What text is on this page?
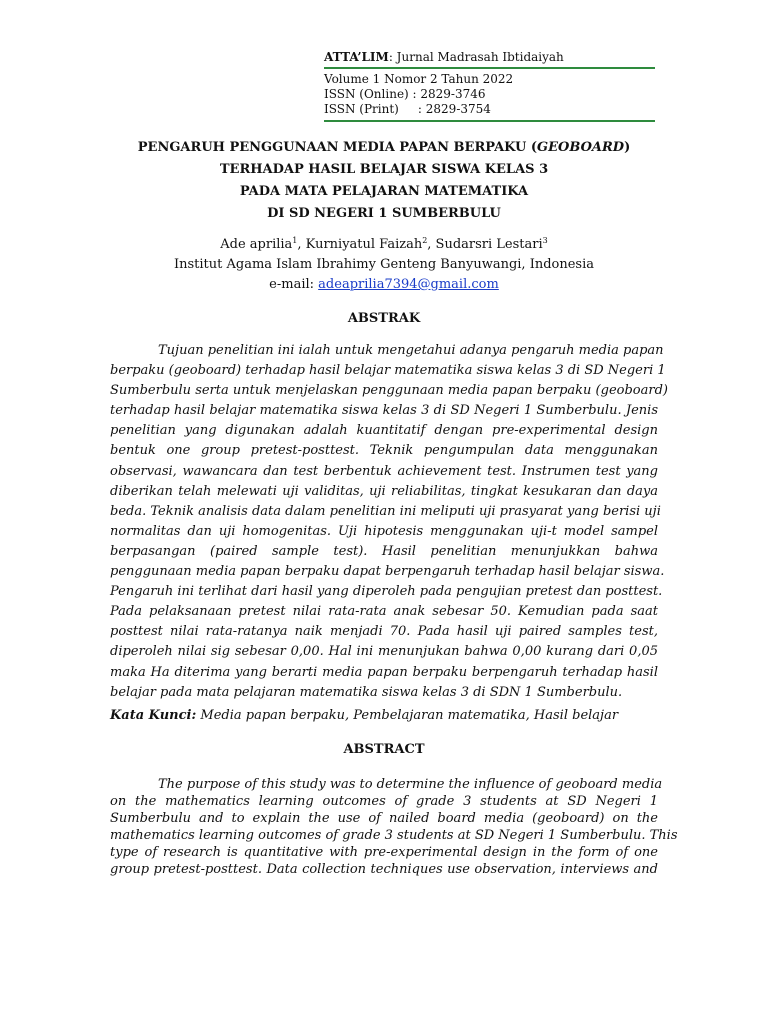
ATTA’LIM: Jurnal Madrasah Ibtidaiyah
Volume 1 Nomor 2 Tahun 2022
ISSN (Online) : 2829-3746
ISSN (Print)     : 2829-3754
PENGARUH PENGGUNAAN MEDIA PAPAN BERPAKU (GEOBOARD)
TERHADAP HASIL BELAJAR SISWA KELAS 3
PADA MATA PELAJARAN MATEMATIKA
DI SD NEGERI 1 SUMBERBULU
Ade aprilia$^1$, Kurniyatul Faizah$^2$, Sudarsri Lestari$^3$
Institut Agama Islam Ibrahimy Genteng Banyuwangi, Indonesia
e-mail: adeaprilia7394@gmail.com
ABSTRAK
Tujuan penelitian ini ialah untuk mengetahui adanya pengaruh media papan
berpaku (geoboard) terhadap hasil belajar matematika siswa kelas 3 di SD Negeri 1
Sumberbulu serta untuk menjelaskan penggunaan media papan berpaku (geoboard)
terhadap hasil belajar matematika siswa kelas 3 di SD Negeri 1 Sumberbulu. Jenis
penelitian yang digunakan adalah kuantitatif dengan pre-experimental design
bentuk one group pretest-posttest. Teknik pengumpulan data menggunakan
observasi, wawancara dan test berbentuk achievement test. Instrumen test yang
diberikan telah melewati uji validitas, uji reliabilitas, tingkat kesukaran dan daya
beda. Teknik analisis data dalam penelitian ini meliputi uji prasyarat yang berisi uji
normalitas dan uji homogenitas. Uji hipotesis menggunakan uji-t model sampel
berpasangan (paired sample test). Hasil penelitian menunjukkan bahwa
penggunaan media papan berpaku dapat berpengaruh terhadap hasil belajar siswa.
Pengaruh ini terlihat dari hasil yang diperoleh pada pengujian pretest dan posttest.
Pada pelaksanaan pretest nilai rata-rata anak sebesar 50. Kemudian pada saat
posttest nilai rata-ratanya naik menjadi 70. Pada hasil uji paired samples test,
diperoleh nilai sig sebesar 0,00. Hal ini menunjukan bahwa 0,00 kurang dari 0,05
maka Ha diterima yang berarti media papan berpaku berpengaruh terhadap hasil
belajar pada mata pelajaran matematika siswa kelas 3 di SDN 1 Sumberbulu.
Kata Kunci: Media papan berpaku, Pembelajaran matematika, Hasil belajar
ABSTRACT
The purpose of this study was to determine the influence of geoboard media
on the mathematics learning outcomes of grade 3 students at SD Negeri 1
Sumberbulu and to explain the use of nailed board media (geoboard) on the
mathematics learning outcomes of grade 3 students at SD Negeri 1 Sumberbulu. This
type of research is quantitative with pre-experimental design in the form of one
group pretest-posttest. Data collection techniques use observation, interviews and
